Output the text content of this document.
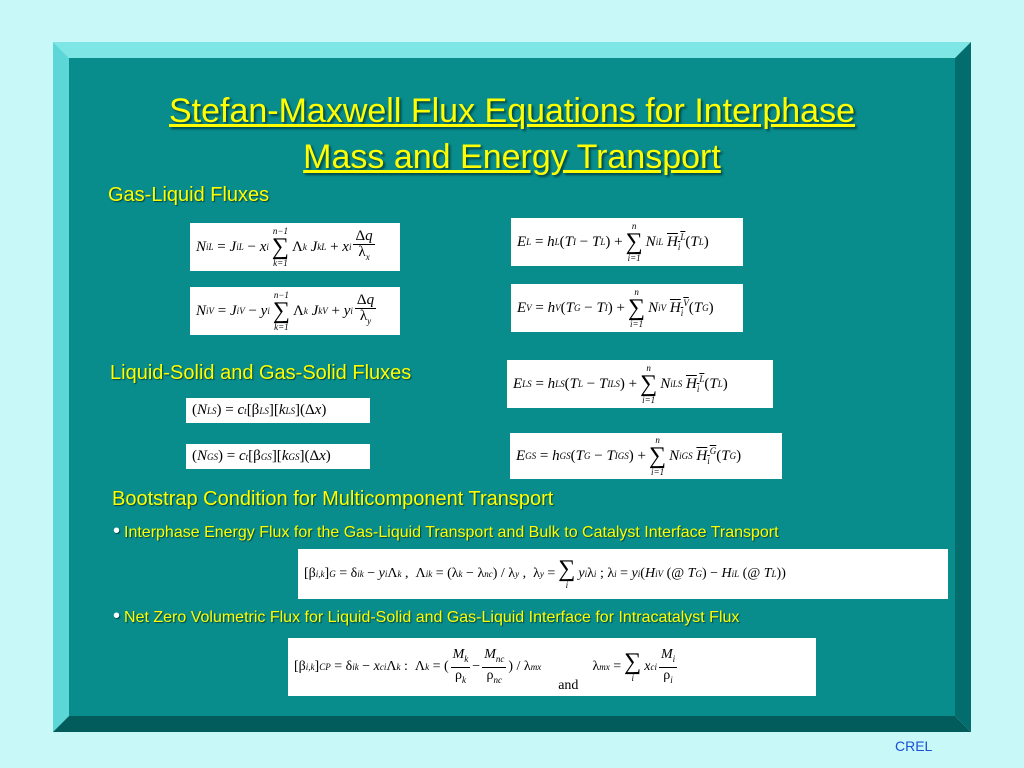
Stefan-Maxwell Flux Equations for Interphase
Mass and Energy Transport
Gas-Liquid Fluxes
N i L
= J i L
− x i
n−1
∑
k=1
Λ k J k L
+ x i $\frac{\Delta q}{\lambda_x}$
N i V
= J i V
− y i
n−1
∑
k=1
Λ k J k V
+ y i $\frac{\Delta q}{\lambda_y}$
E L
= h L ( T I
− T L )
+
n
∑
i=1
N i L
$H_i^L$ ( T L )
E V
= h V ( T G
− T I )
+
n
∑
i=1
N i V
$H_i^V$ ( T G )
Liquid-Solid and Gas-Solid Fluxes
( N LS )
= c t [β LS ][ k LS ](Δ x )
( N GS )
= c t [β GS ][ k GS ](Δ x )
E LS
= h LS ( T L
− T ILS )
+
n
∑
i=1
N i LS
$H_i^L$ ( T L )
E GS
= h GS ( T G
− T IGS )
+
n
∑
i=1
N i GS
$H_i^G$ ( T G )
Bootstrap Condition for Multicomponent Transport
• Interphase Energy Flux for the Gas-Liquid Transport and Bulk to Catalyst Interface Transport
• Net Zero Volumetric Flux for Liquid-Solid and Gas-Liquid Interface for Intracatalyst Flux
[β i,k ] G
=
δ ik
− y i Λ k
,
Λ ik
= (λ k
− λ nc ) / λ y
,
λ y
= ∑
i
y i λ i
;
λ i
= y i ( H i V
(@ T G ) − H i L
(@ T L ))
[β i,k ] CP
= δ ik
− x ci Λ k
:
Λ k
= ( $\frac{M_k}{\rho_k} - \frac{M_{nc}}{\rho_{nc}}$ ) / λ mx

and
λ mx
= ∑
i
x ci $\frac{M_i}{\rho_i}$
CREL
